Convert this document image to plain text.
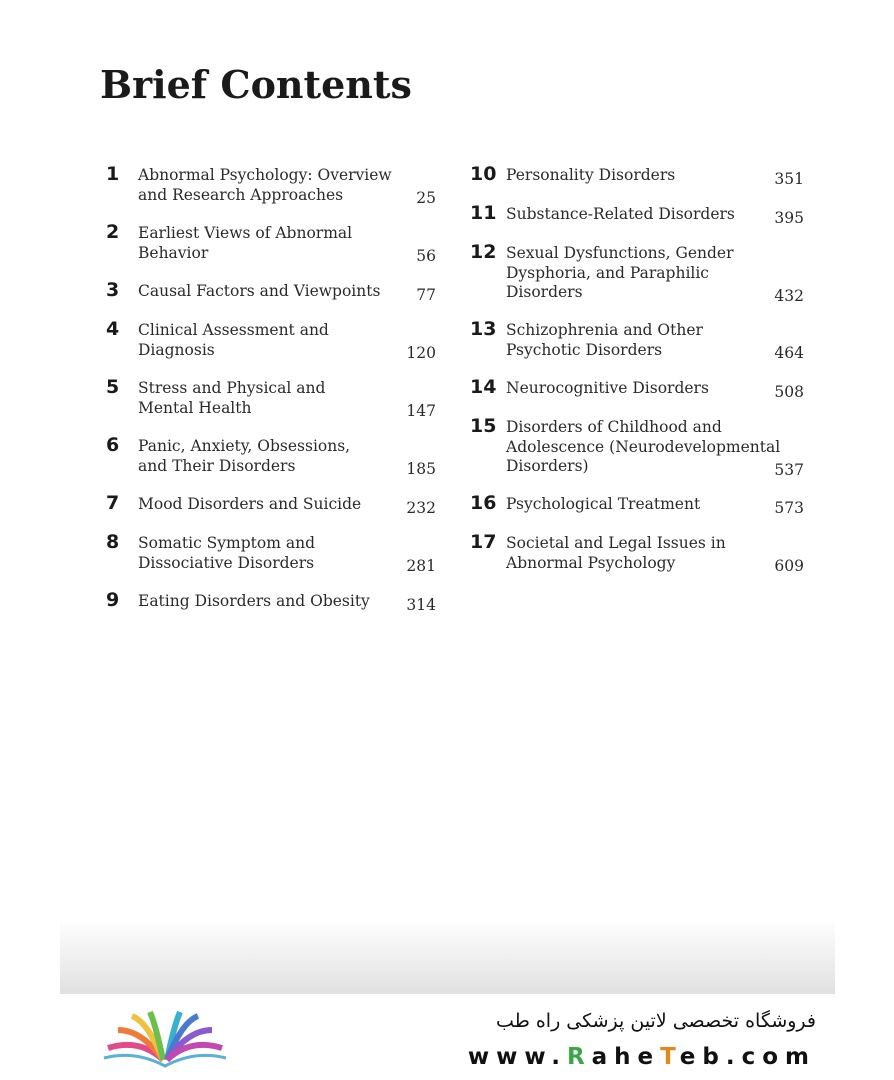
Brief Contents
1	Abnormal Psychology: Overview
and Research Approaches	25
2	Earliest Views of Abnormal
Behavior	56
3	Causal Factors and Viewpoints	77
4	Clinical Assessment and
Diagnosis	120
5	Stress and Physical and
Mental Health	147
6	Panic, Anxiety, Obsessions,
and Their Disorders	185
7	Mood Disorders and Suicide	232
8	Somatic Symptom and
Dissociative Disorders	281
9	Eating Disorders and Obesity	314
10 Personality Disorders	351
11 Substance-Related Disorders	395
12 Sexual Dysfunctions, Gender
Dysphoria, and Paraphilic
Disorders	432
13 Schizophrenia and Other
Psychotic Disorders	464
14 Neurocognitive Disorders	508
15 Disorders of Childhood and
Adolescence (Neurodevelopmental
Disorders)	537
16 Psychological Treatment	573
17 Societal and Legal Issues in
Abnormal Psychology	609
فروشگاه تخصصی لاتین پزشکی راه طب
www.RaheTeb.com
